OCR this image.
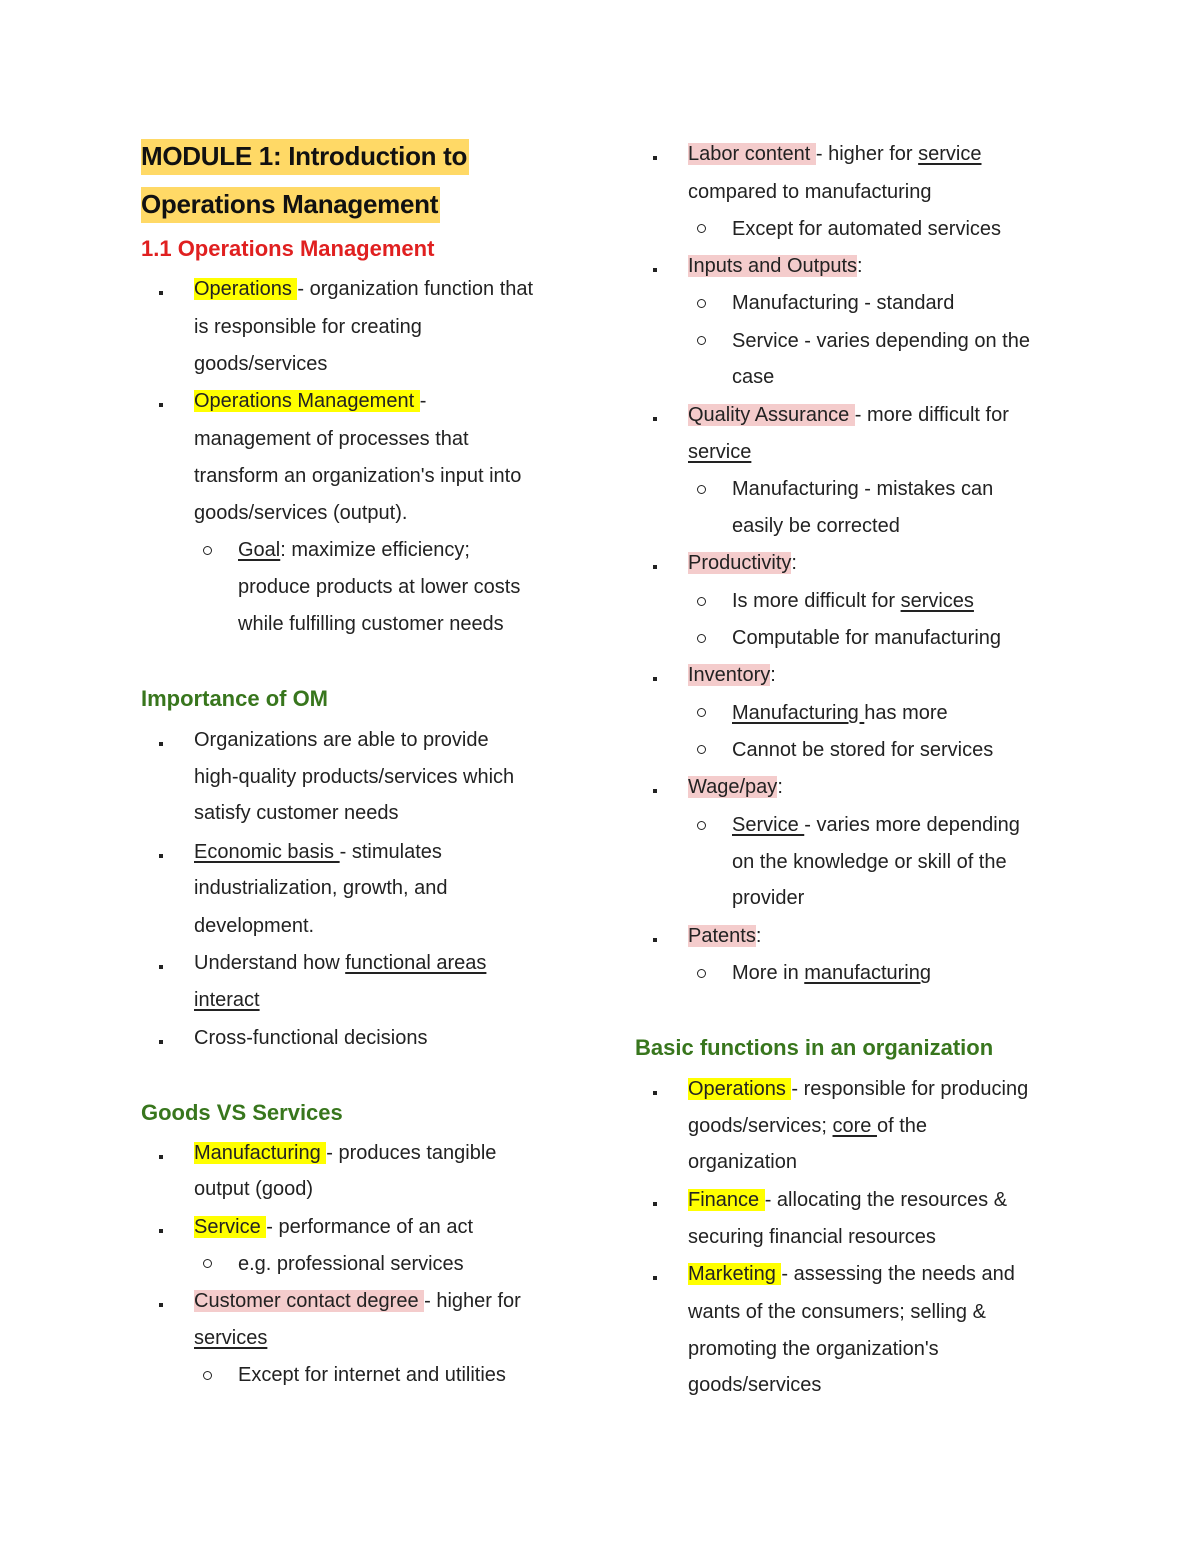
MODULE 1: Introduction to
Operations Management
1.1 Operations Management
Operations - organization function that
is responsible for creating
goods/services
Operations Management -
management of processes that
transform an organization's input into
goods/services (output).
Goal: maximize efficiency;
produce products at lower costs
while fulfilling customer needs
Importance of OM
Organizations are able to provide
high-quality products/services which
satisfy customer needs
Economic basis - stimulates
industrialization, growth, and
development.
Understand how functional areas
interact
Cross-functional decisions
Goods VS Services
Manufacturing - produces tangible
output (good)
Service - performance of an act
e.g. professional services
Customer contact degree - higher for
services
Except for internet and utilities
Labor content - higher for service
compared to manufacturing
Except for automated services
Inputs and Outputs:
Manufacturing - standard
Service - varies depending on the
case
Quality Assurance - more difficult for
service
Manufacturing - mistakes can
easily be corrected
Productivity:
Is more difficult for services
Computable for manufacturing
Inventory:
Manufacturing has more
Cannot be stored for services
Wage/pay:
Service - varies more depending
on the knowledge or skill of the
provider
Patents:
More in manufacturing
Basic functions in an organization
Operations - responsible for producing
goods/services; core of the
organization
Finance - allocating the resources &
securing financial resources
Marketing - assessing the needs and
wants of the consumers; selling &
promoting the organization's
goods/services
